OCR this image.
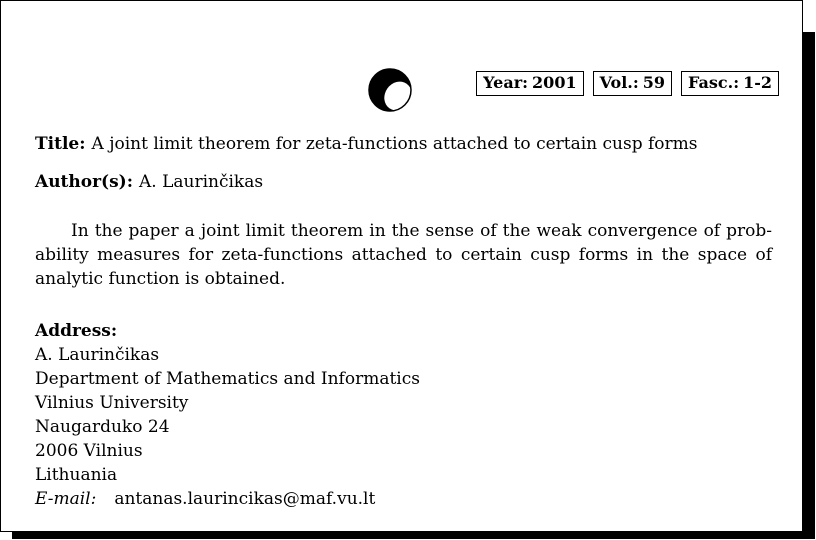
Year: 2001	Vol.: 59	Fasc.: 1-2
Title: A joint limit theorem for zeta-functions attached to certain cusp forms
Author(s): A. Laurinčikas

In the paper a joint limit theorem in the sense of the weak convergence of probability measures for zeta-functions attached to certain cusp forms in the space of analytic function is obtained.

Address:
A. Laurinčikas
Department of Mathematics and Informatics
Vilnius University
Naugarduko 24
2006 Vilnius
Lithuania
E-mail: antanas.laurincikas@maf.vu.lt
